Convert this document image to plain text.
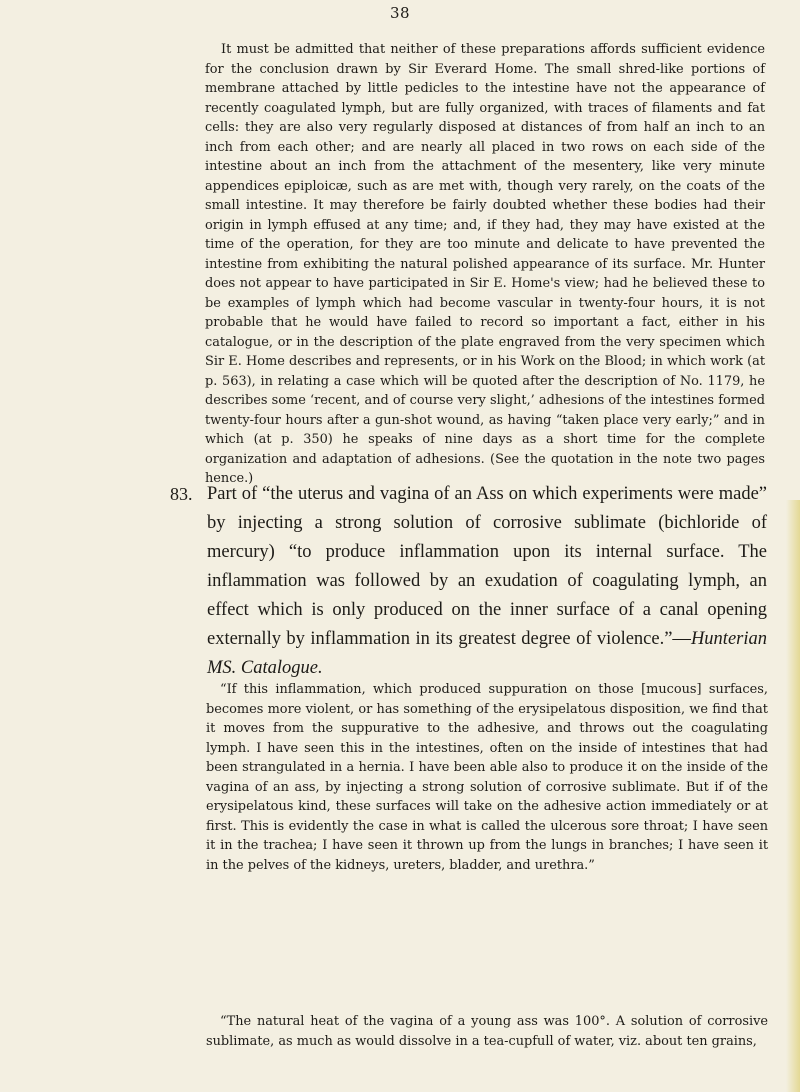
38

It must be admitted that neither of these preparations affords sufficient evidence for the conclusion drawn by Sir Everard Home. The small shred-like portions of membrane attached by little pedicles to the intestine have not the appearance of recently coagulated lymph, but are fully organized, with traces of filaments and fat cells: they are also very regularly disposed at distances of from half an inch to an inch from each other; and are nearly all placed in two rows on each side of the intestine about an inch from the attachment of the mesentery, like very minute appendices epiploicæ, such as are met with, though very rarely, on the coats of the small intestine. It may therefore be fairly doubted whether these bodies had their origin in lymph effused at any time; and, if they had, they may have existed at the time of the operation, for they are too minute and delicate to have prevented the intestine from exhibiting the natural polished appearance of its surface. Mr. Hunter does not appear to have participated in Sir E. Home's view; had he believed these to be examples of lymph which had become vascular in twenty-four hours, it is not probable that he would have failed to record so important a fact, either in his catalogue, or in the description of the plate engraved from the very specimen which Sir E. Home describes and represents, or in his Work on the Blood; in which work (at p. 563), in relating a case which will be quoted after the description of No. 1179, he describes some ‘recent, and of course very slight,’ adhesions of the intestines formed twenty-four hours after a gun-shot wound, as having “taken place very early;” and in which (at p. 350) he speaks of nine days as a short time for the complete organization and adaptation of adhesions. (See the quotation in the note two pages hence.)

83. Part of “the uterus and vagina of an Ass on which experiments were made” by injecting a strong solution of corrosive sublimate (bichloride of mercury) “to produce inflammation upon its internal surface. The inflammation was followed by an exudation of coagulating lymph, an effect which is only produced on the inner surface of a canal opening externally by inflammation in its greatest degree of violence.”—Hunterian MS. Catalogue.

“If this inflammation, which produced suppuration on those [mucous] surfaces, becomes more violent, or has something of the erysipelatous disposition, we find that it moves from the suppurative to the adhesive, and throws out the coagulating lymph. I have seen this in the intestines, often on the inside of intestines that had been strangulated in a hernia. I have been able also to produce it on the inside of the vagina of an ass, by injecting a strong solution of corrosive sublimate. But if of the erysipelatous kind, these surfaces will take on the adhesive action immediately or at first. This is evidently the case in what is called the ulcerous sore throat; I have seen it in the trachea; I have seen it thrown up from the lungs in branches; I have seen it in the pelves of the kidneys, ureters, bladder, and urethra.”

“The natural heat of the vagina of a young ass was 100°. A solution of corrosive sublimate, as much as would dissolve in a tea-cupfull of water, viz. about ten grains,
